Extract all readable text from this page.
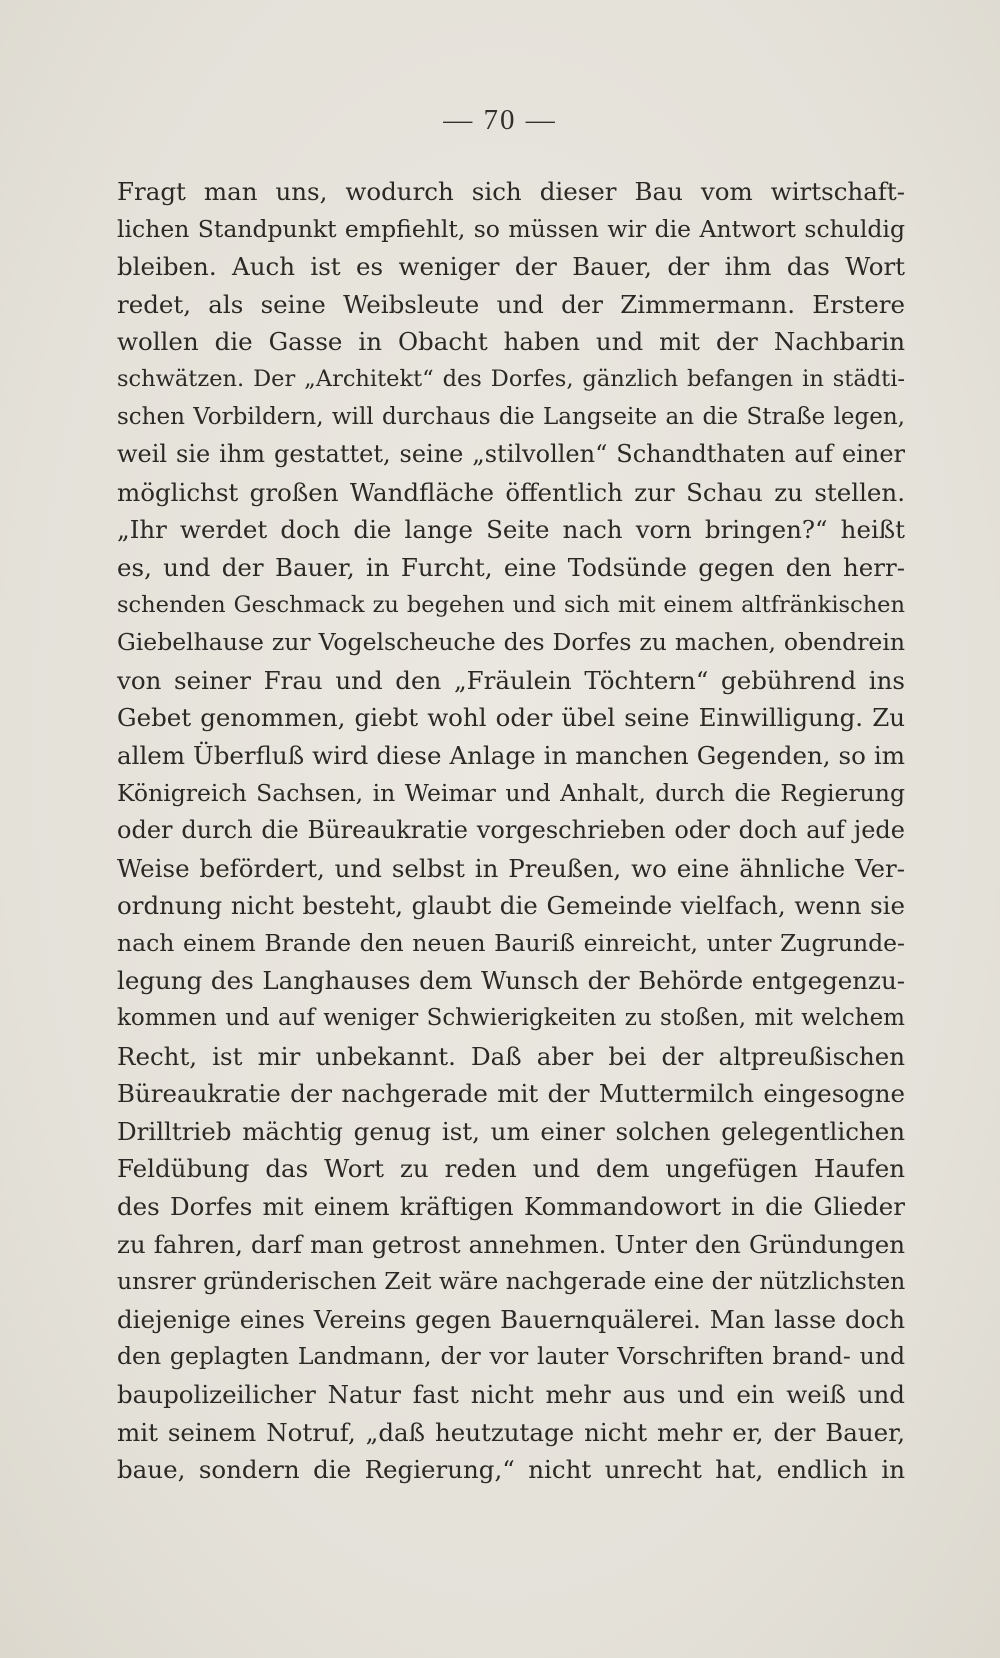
— 70 —
Fragt man uns, wodurch sich dieser Bau vom wirtschaft-
lichen Standpunkt empfiehlt, so müssen wir die Antwort schuldig
bleiben. Auch ist es weniger der Bauer, der ihm das Wort
redet, als seine Weibsleute und der Zimmermann. Erstere
wollen die Gasse in Obacht haben und mit der Nachbarin
schwätzen. Der „Architekt“ des Dorfes, gänzlich befangen in städti-
schen Vorbildern, will durchaus die Langseite an die Straße legen,
weil sie ihm gestattet, seine „stilvollen“ Schandthaten auf einer
möglichst großen Wandfläche öffentlich zur Schau zu stellen.
„Ihr werdet doch die lange Seite nach vorn bringen?“ heißt
es, und der Bauer, in Furcht, eine Todsünde gegen den herr-
schenden Geschmack zu begehen und sich mit einem altfränkischen
Giebelhause zur Vogelscheuche des Dorfes zu machen, obendrein
von seiner Frau und den „Fräulein Töchtern“ gebührend ins
Gebet genommen, giebt wohl oder übel seine Einwilligung. Zu
allem Überfluß wird diese Anlage in manchen Gegenden, so im
Königreich Sachsen, in Weimar und Anhalt, durch die Regierung
oder durch die Büreaukratie vorgeschrieben oder doch auf jede
Weise befördert, und selbst in Preußen, wo eine ähnliche Ver-
ordnung nicht besteht, glaubt die Gemeinde vielfach, wenn sie
nach einem Brande den neuen Bauriß einreicht, unter Zugrunde-
legung des Langhauses dem Wunsch der Behörde entgegenzu-
kommen und auf weniger Schwierigkeiten zu stoßen, mit welchem
Recht, ist mir unbekannt. Daß aber bei der altpreußischen
Büreaukratie der nachgerade mit der Muttermilch eingesogne
Drilltrieb mächtig genug ist, um einer solchen gelegentlichen
Feldübung das Wort zu reden und dem ungefügen Haufen
des Dorfes mit einem kräftigen Kommandowort in die Glieder
zu fahren, darf man getrost annehmen. Unter den Gründungen
unsrer gründerischen Zeit wäre nachgerade eine der nützlichsten
diejenige eines Vereins gegen Bauernquälerei. Man lasse doch
den geplagten Landmann, der vor lauter Vorschriften brand- und
baupolizeilicher Natur fast nicht mehr aus und ein weiß und
mit seinem Notruf, „daß heutzutage nicht mehr er, der Bauer,
baue, sondern die Regierung,“ nicht unrecht hat, endlich in
